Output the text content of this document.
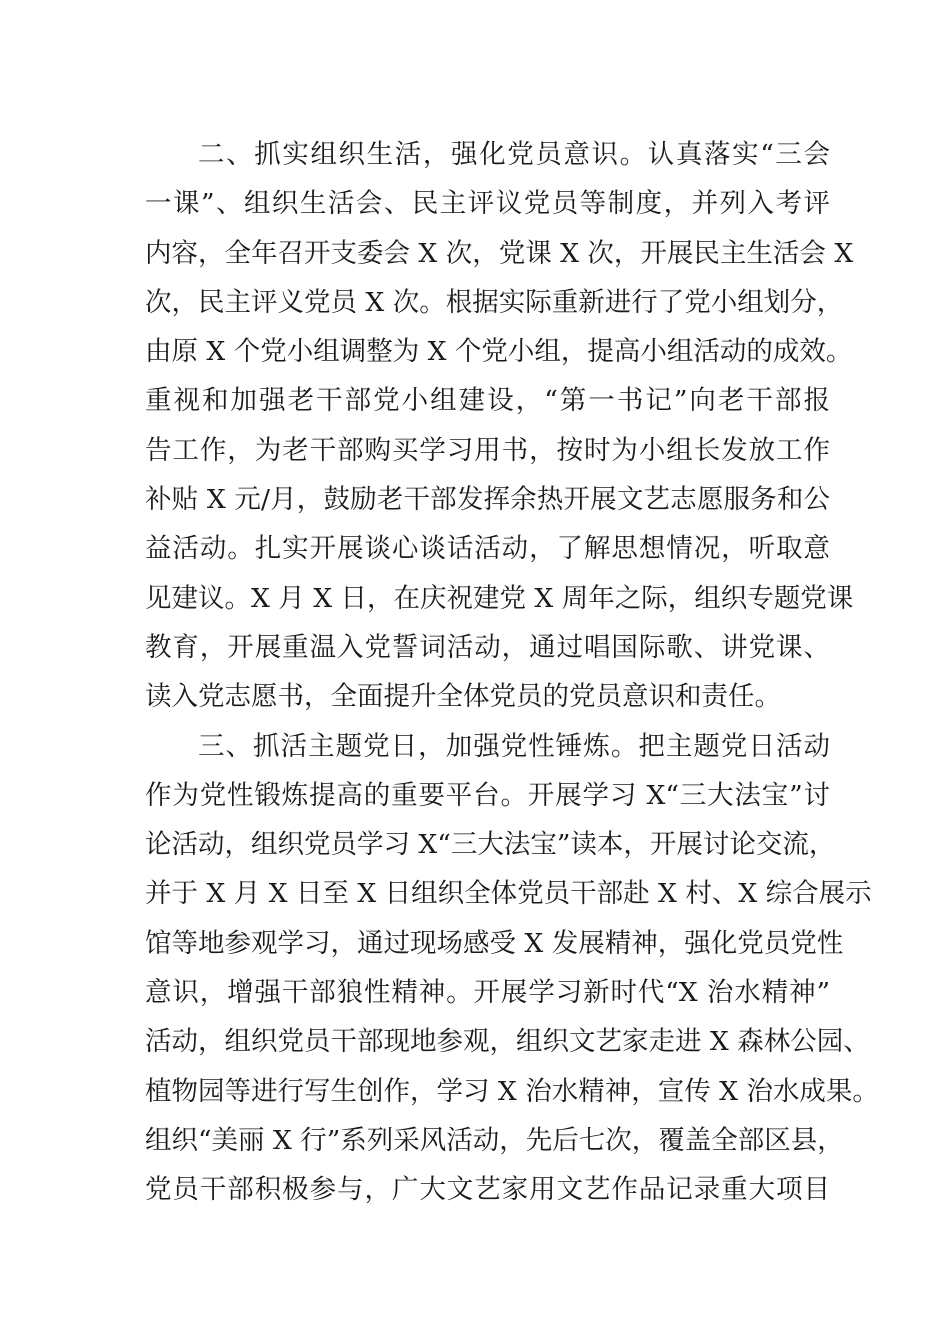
二、抓实组织生活，强化党员意识。认真落实“三会
一课”、组织生活会、民主评议党员等制度，并列入考评
内容，全年召开支委会 X 次，党课 X 次，开展民主生活会 X
次，民主评义党员 X 次。根据实际重新进行了党小组划分，
由原 X 个党小组调整为 X 个党小组，提高小组活动的成效。
重视和加强老干部党小组建设，“第一书记”向老干部报
告工作，为老干部购买学习用书，按时为小组长发放工作
补贴 X 元/月，鼓励老干部发挥余热开展文艺志愿服务和公
益活动。扎实开展谈心谈话活动，了解思想情况，听取意
见建议。X 月 X 日，在庆祝建党 X 周年之际，组织专题党课
教育，开展重温入党誓词活动，通过唱国际歌、讲党课、
读入党志愿书，全面提升全体党员的党员意识和责任。
三、抓活主题党日，加强党性锤炼。把主题党日活动
作为党性锻炼提高的重要平台。开展学习 X“三大法宝”讨
论活动，组织党员学习 X“三大法宝”读本，开展讨论交流，
并于 X 月 X 日至 X 日组织全体党员干部赴 X 村、X 综合展示
馆等地参观学习，通过现场感受 X 发展精神，强化党员党性
意识，增强干部狼性精神。开展学习新时代“X 治水精神”
活动，组织党员干部现地参观，组织文艺家走进 X 森林公园、
植物园等进行写生创作，学习 X 治水精神，宣传 X 治水成果。
组织“美丽 X 行”系列采风活动，先后七次，覆盖全部区县，
党员干部积极参与，广大文艺家用文艺作品记录重大项目
